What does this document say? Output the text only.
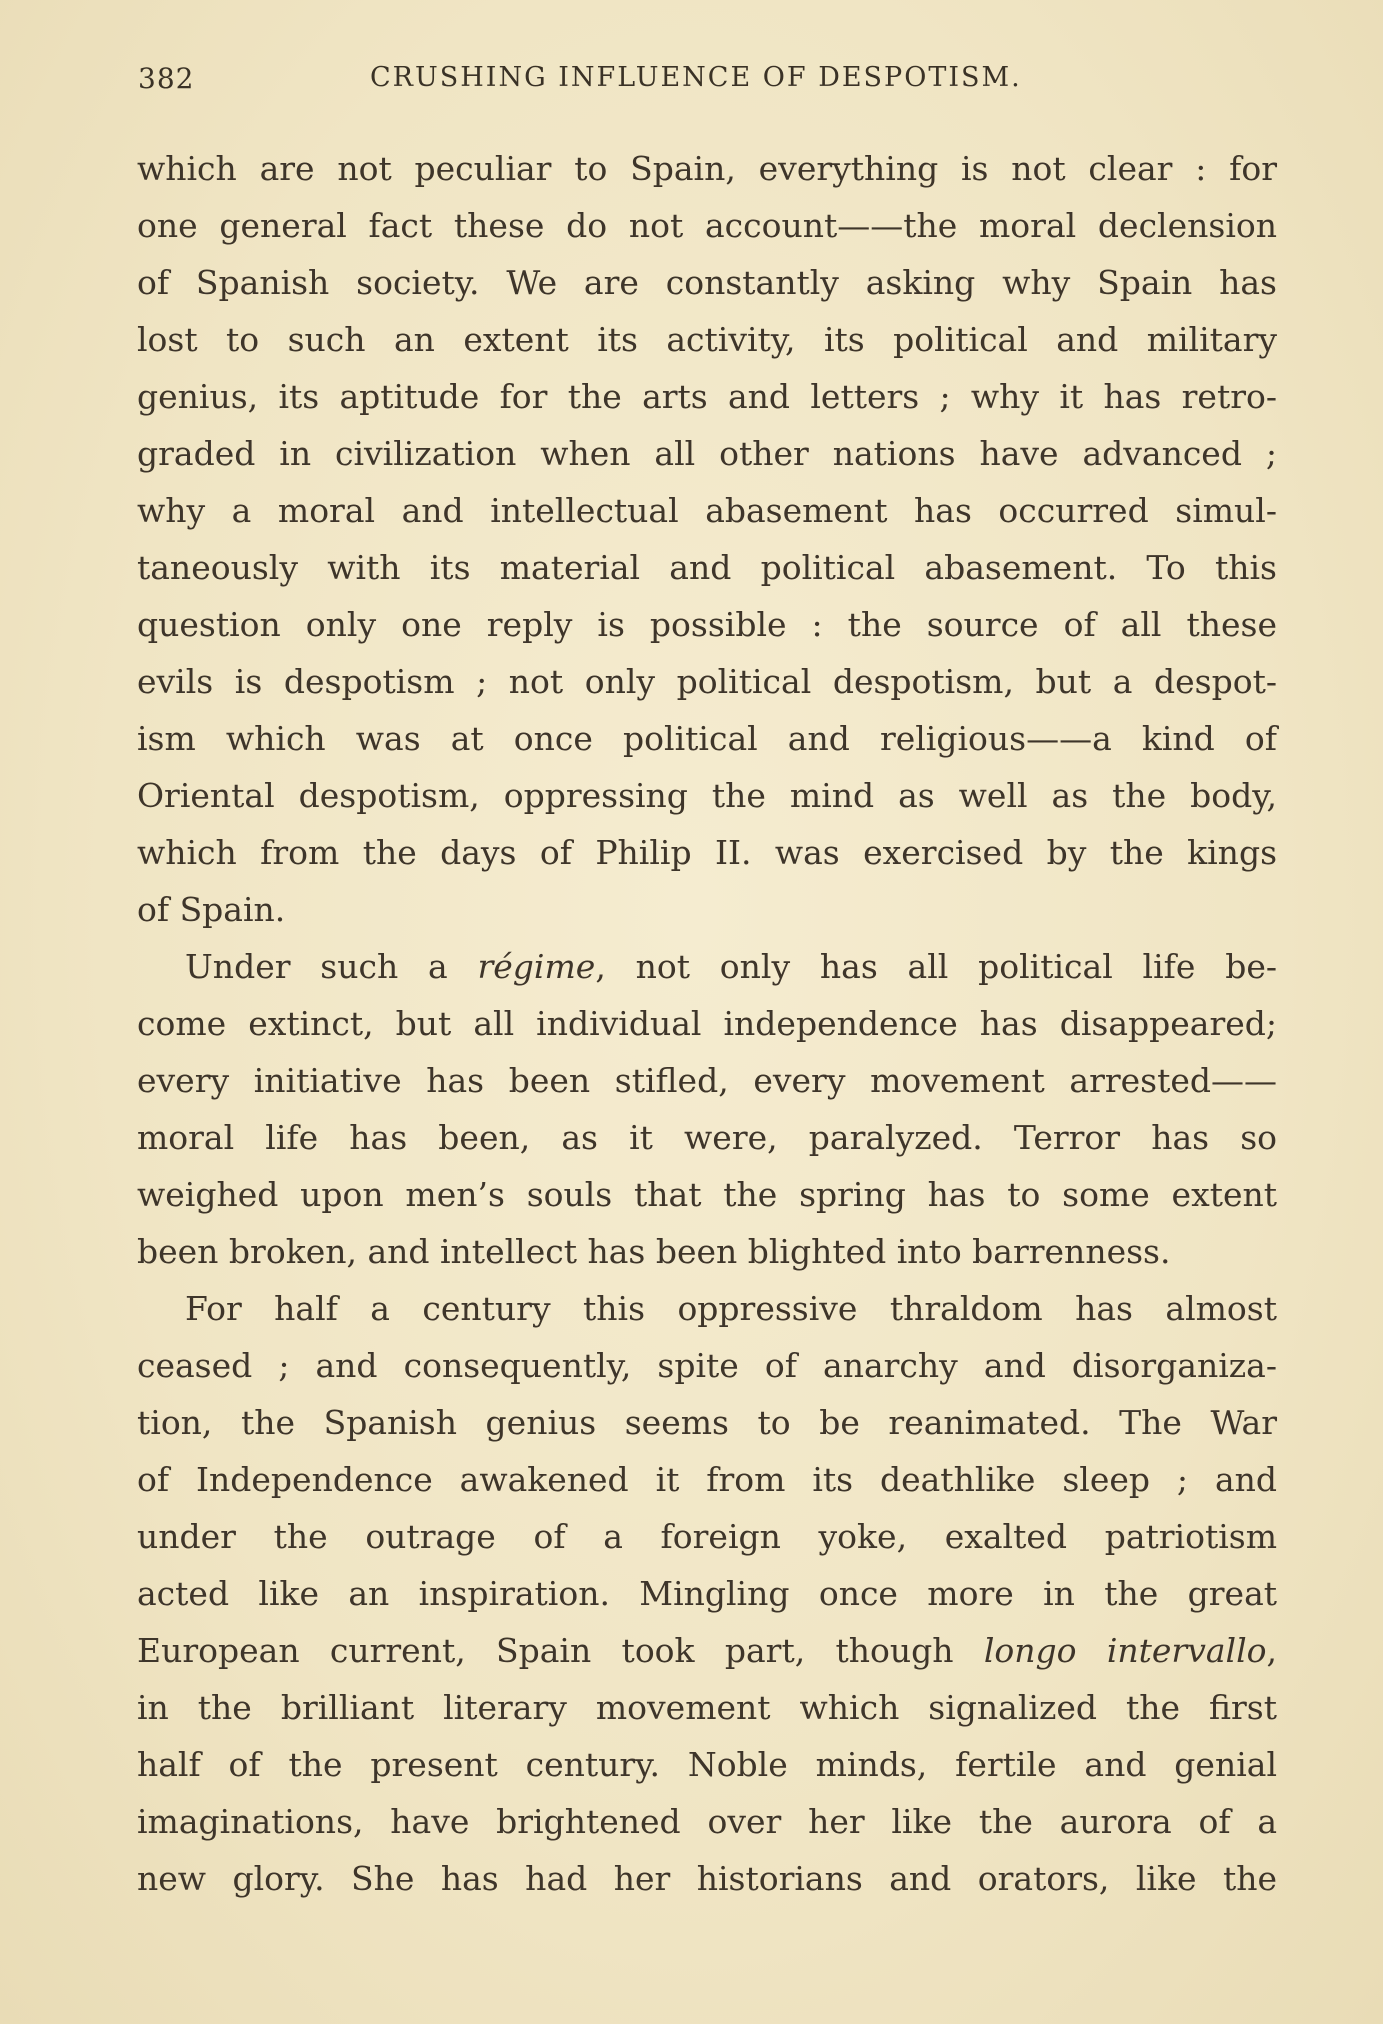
382	CRUSHING INFLUENCE OF DESPOTISM.
which are not peculiar to Spain, everything is not clear : for
one general fact these do not account——the moral declension
of Spanish society. We are constantly asking why Spain has
lost to such an extent its activity, its political and military
genius, its aptitude for the arts and letters ; why it has retro-
graded in civilization when all other nations have advanced ;
why a moral and intellectual abasement has occurred simul-
taneously with its material and political abasement. To this
question only one reply is possible : the source of all these
evils is despotism ; not only political despotism, but a despot-
ism which was at once political and religious——a kind of
Oriental despotism, oppressing the mind as well as the body,
which from the days of Philip II. was exercised by the kings
of Spain.
Under such a régime, not only has all political life be-
come extinct, but all individual independence has disappeared;
every initiative has been stifled, every movement arrested——
moral life has been, as it were, paralyzed. Terror has so
weighed upon men’s souls that the spring has to some extent
been broken, and intellect has been blighted into barrenness.
For half a century this oppressive thraldom has almost
ceased ; and consequently, spite of anarchy and disorganiza-
tion, the Spanish genius seems to be reanimated. The War
of Independence awakened it from its deathlike sleep ; and
under the outrage of a foreign yoke, exalted patriotism
acted like an inspiration. Mingling once more in the great
European current, Spain took part, though longo intervallo,
in the brilliant literary movement which signalized the first
half of the present century. Noble minds, fertile and genial
imaginations, have brightened over her like the aurora of a
new glory. She has had her historians and orators, like the
